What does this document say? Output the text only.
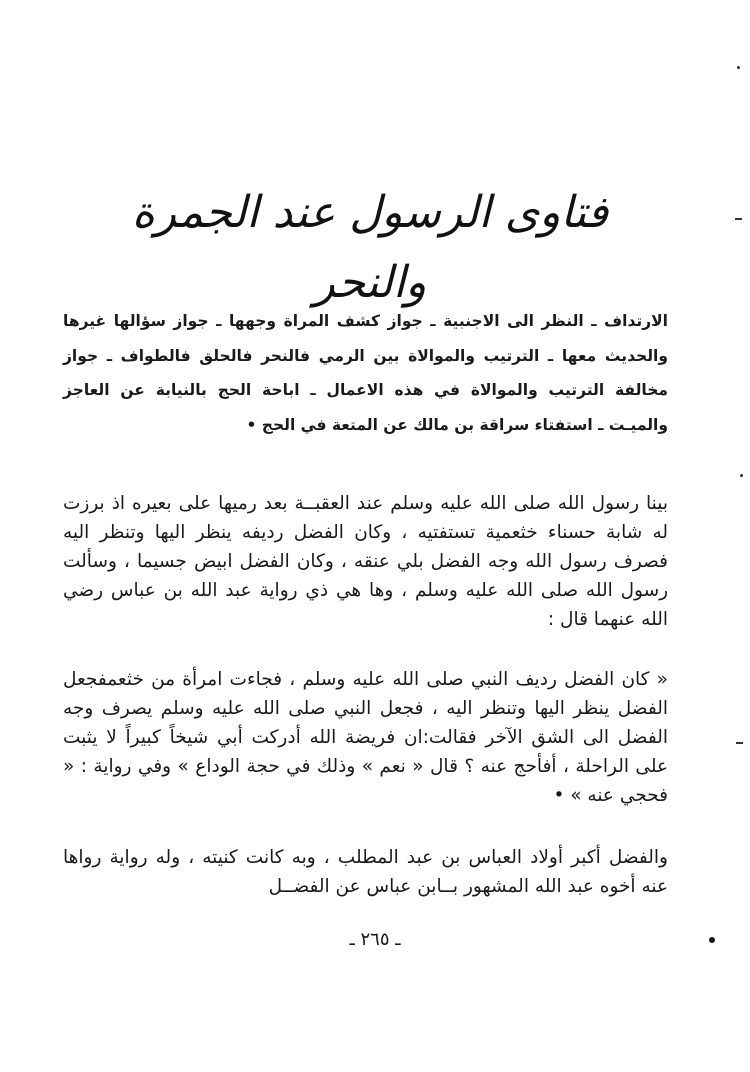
فتاوى الرسول عند الجمرة والنحر
الارتداف ـ النظر الى الاجنبية ـ جواز كشف المراة وجهها ـ جواز سؤالها غيرها والحديث معها ـ الترتيب والموالاة بين الرمي فالنحر فالحلق فالطواف ـ جواز مخالفة الترتيب والموالاة في هذه الاعمال ـ اباحة الحج بالنيابة عن العاجز والميـت ـ استفتاء سراقة بن مالك عن المتعة في الحج •
بينا رسول الله صلى الله عليه وسلم عند العقبــة بعد رميها على بعيره اذ برزت له شابة حسناء خثعمية تستفتيه ، وكان الفضل رديفه ينظر اليها وتنظر اليه فصرف رسول الله وجه الفضل بلي عنقه ، وكان الفضل ابيض جسيما ، وسألت رسول الله صلى الله عليه وسلم ، وها هي ذي رواية عبد الله بن عباس رضي الله عنهما قال :
« كان الفضل رديف النبي صلى الله عليه وسلم ، فجاءت امرأة من خثعمفجعل الفضل ينظر اليها وتنظر اليه ، فجعل النبي صلى الله عليه وسلم يصرف وجه الفضل الى الشق الآخر فقالت:ان فريضة الله أدركت أبي شيخاً كبيراً لا يثبت على الراحلة ، أفأحج عنه ؟ قال « نعم » وذلك في حجة الوداع » وفي رواية : « فحجي عنه » •
والفضل أكبر أولاد العباس بن عبد المطلب ، وبه كانت كنيته ، وله رواية رواها عنه أخوه عبد الله المشهور بــابن عباس عن الفضــل
ـ ٢٦٥ ـ
